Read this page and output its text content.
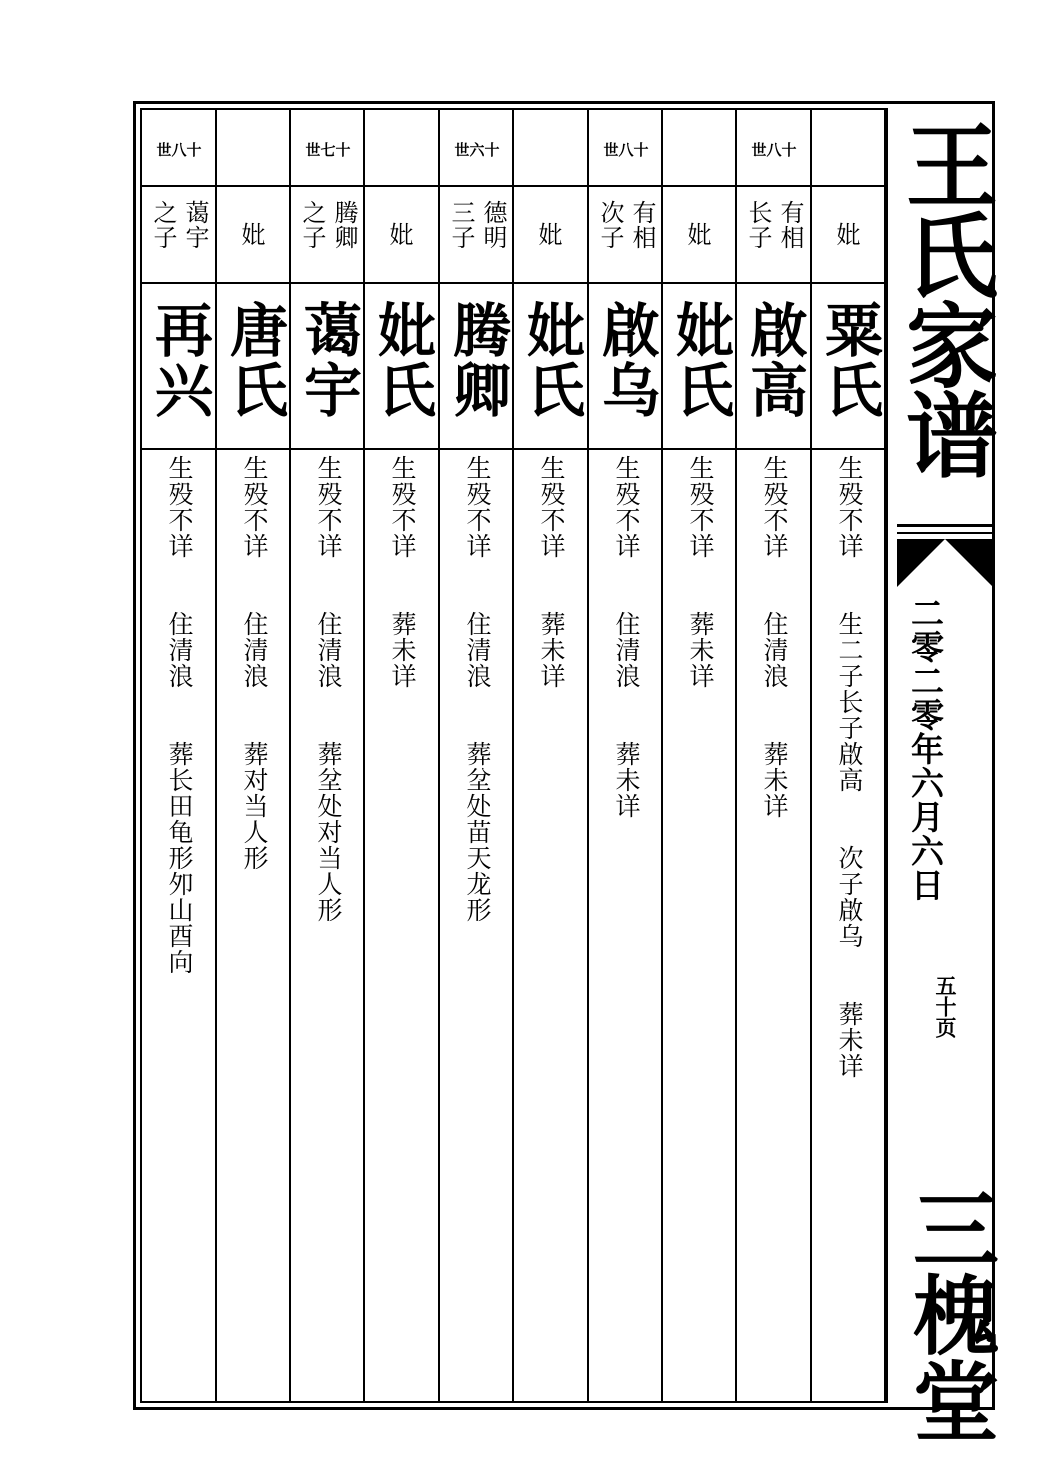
妣
粟氏
生殁不详　　生二子长子啟高　　次子啟乌　　葬未详
世八十
有相
长子
啟高
生殁不详　　住清浪　　葬未详
妣
妣氏
生殁不详　　葬未详
世八十
有相
次子
啟乌
生殁不详　　住清浪　　葬未详
妣
妣氏
生殁不详　　葬未详
世六十
德明
三子
腾卿
生殁不详　　住清浪　　葬坌处苗天龙形
妣
妣氏
生殁不详　　葬未详
世七十
腾卿
之子
蔼宇
生殁不详　　住清浪　　葬坌处对当人形
妣
唐氏
生殁不详　　住清浪　　葬对当人形
世八十
蔼宇
之子
再兴
生殁不详　　住清浪　　葬长田龟形夘山酉向
王氏家谱
二零二零年六月六日
五十页
三槐堂
